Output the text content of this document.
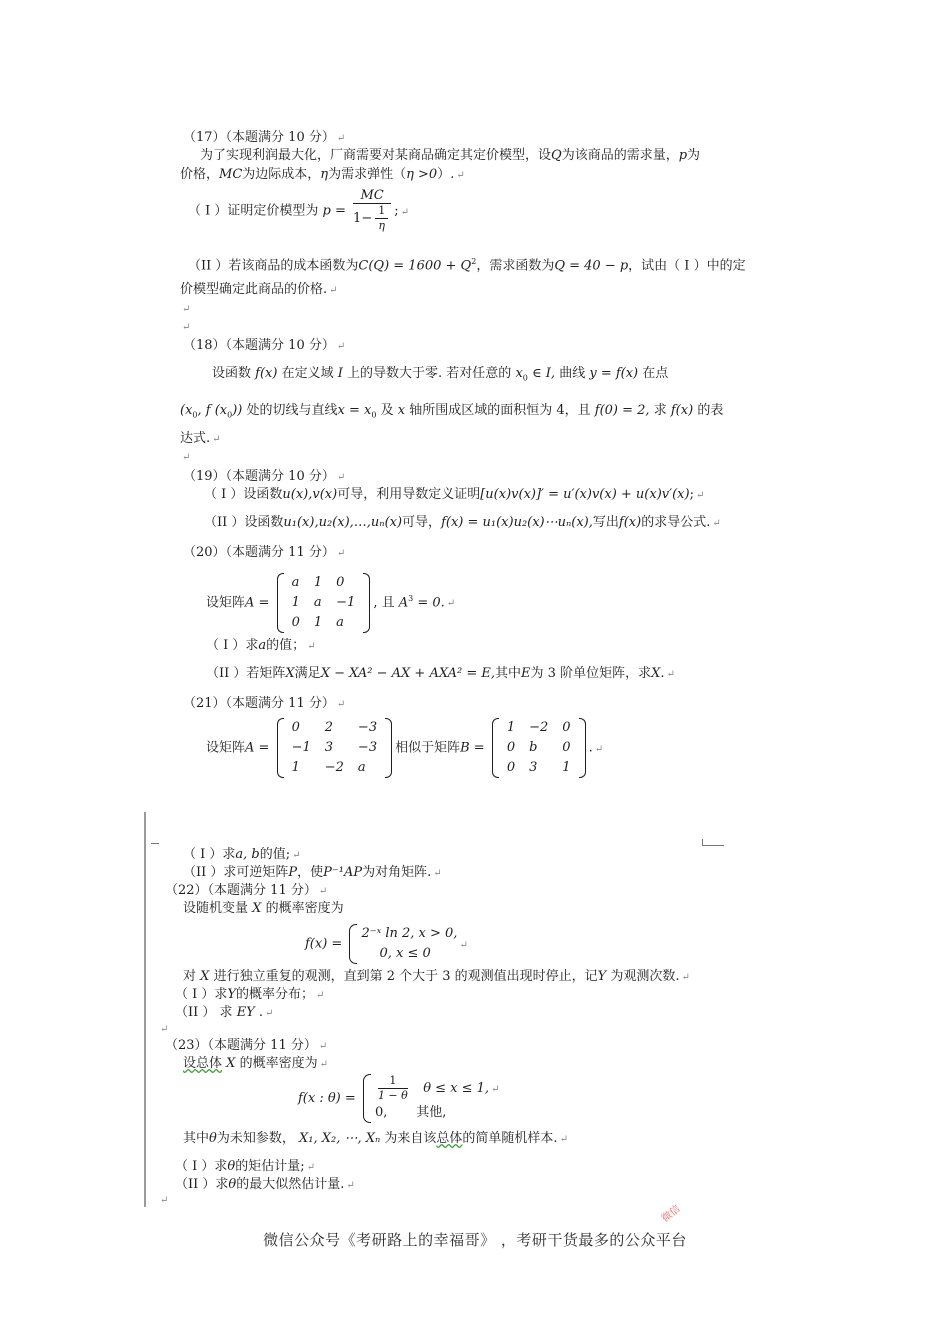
（17）（本题满分 10 分） ↵
为了实现利润最大化，厂商需要对某商品确定其定价模型，设Q为该商品的需求量，p为
价格，MC为边际成本，η为需求弹性（η >0）. ↵
（ I ）证明定价模型为 $p = \frac{MC}{1- \frac{1}{\eta}}$ ; ↵
（II ）若该商品的成本函数为$C(Q) = 1600 + Q^2$，需求函数为Q = 40 − p，试由（ I ）中的定
价模型确定此商品的价格. ↵
↵
↵
（18）（本题满分 10 分） ↵
设函数 f(x) 在定义域 I 上的导数大于零. 若对任意的 $x_0$ ∈ I, 曲线 y = f(x) 在点
($x_0$, f $(x_0)$) 处的切线与直线$x = x_0$ 及 x 轴所围成区域的面积恒为 4，且 f(0) = 2, 求 f(x) 的表
达式. ↵
↵
（19）（本题满分 10 分） ↵
（ I ）设函数u(x),v(x)可导，利用导数定义证明[u(x)v(x)]′ = u′(x)v(x) + u(x)v′(x); ↵
（II ）设函数u₁(x),u₂(x),…,uₙ(x)可导，f(x) = u₁(x)u₂(x)⋯uₙ(x),写出f(x)的求导公式. ↵
（20）（本题满分 11 分） ↵
设矩阵A =
a	1	0
1	a	−1
0	1	a
, 且 $A^3 = 0$. ↵
（ I ）求a的值； ↵
（II ）若矩阵X满足X − XA² − AX + AXA² = E,其中E为 3 阶单位矩阵，求X. ↵
（21）（本题满分 11 分） ↵
设矩阵A =
0	2	−3
−1	3	−3
1	−2	a
相似于矩阵B =
1	−2	0
0	b	0
0	3	1
. ↵
（ I ）求a, b的值; ↵
（II ）求可逆矩阵P，使P⁻¹AP为对角矩阵. ↵
（22）（本题满分 11 分） ↵
设随机变量 X 的概率密度为
f(x) =
2⁻ˣ ln 2, x > 0,
0, x ≤ 0
↵
对 X 进行独立重复的观测，直到第 2 个大于 3 的观测值出现时停止，记Y 为观测次数. ↵
（ I ）求Y的概率分布； ↵
（II ） 求 EY . ↵
↵
（23）（本题满分 11 分） ↵
设总体 X 的概率密度为 ↵
f(x : $\theta) = \frac{1}{1 - \theta}$ θ ≤ x ≤ 1, ↵
0, 其他,
其中θ为未知参数， X₁, X₂, ⋯, Xₙ 为来自该总体的简单随机样本. ↵
（ I ）求θ的矩估计量; ↵
（II ）求θ的最大似然估计量. ↵
↵
微信
微信公众号《考研路上的幸福哥》 ，考研干货最多的公众平台
